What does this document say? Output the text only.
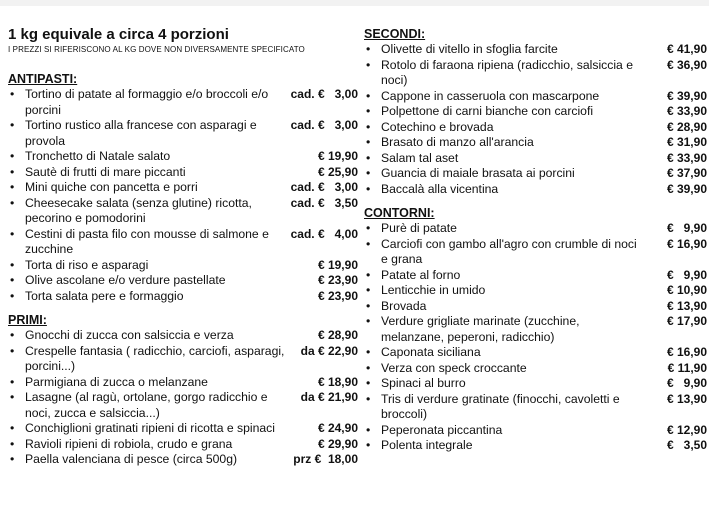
1 kg equivale a circa 4 porzioni
I PREZZI SI RIFERISCONO AL KG DOVE NON DIVERSAMENTE SPECIFICATO
ANTIPASTI:
• Tortino di patate al formaggio e/o broccoli e/o porcini
cad. €   3,00
• Tortino rustico alla francese con asparagi e provola
cad. €   3,00
• Tronchetto di Natale salato	€ 19,90
• Sautè di frutti di mare piccanti	€ 25,90
• Mini quiche con pancetta e porri	cad. €   3,00
• Cheesecake salata (senza glutine) ricotta, pecorino e pomodorini
cad. €   3,50
• Cestini di pasta filo con mousse di salmone e zucchine
cad. €   4,00
• Torta di riso e asparagi	€ 19,90
• Olive ascolane e/o verdure pastellate	€ 23,90
• Torta salata pere e formaggio	€ 23,90
PRIMI:
• Gnocchi di zucca con salsiccia e verza	€ 28,90
• Crespelle fantasia ( radicchio, carciofi, asparagi, porcini...)
da € 22,90
• Parmigiana di zucca o melanzane	€ 18,90
• Lasagne (al ragù, ortolane, gorgo radicchio e noci, zucca e salsiccia...)
da € 21,90
• Conchiglioni gratinati ripieni di ricotta e spinaci	€ 24,90
• Ravioli ripieni di robiola, crudo e grana	€ 29,90
• Paella valenciana di pesce (circa 500g)	prz €  18,00
SECONDI:
• Olivette di vitello in sfoglia farcite	€ 41,90
• Rotolo di faraona ripiena (radicchio, salsiccia e noci)
€ 36,90
• Cappone in casseruola con mascarpone	€ 39,90
• Polpettone di carni bianche con carciofi	€ 33,90
• Cotechino e brovada	€ 28,90
• Brasato di manzo all'arancia	€ 31,90
• Salam tal aset	€ 33,90
• Guancia di maiale brasata ai porcini	€ 37,90
• Baccalà alla vicentina	€ 39,90
CONTORNI:
• Purè di patate	€   9,90
• Carciofi con gambo all'agro con crumble di noci e grana
€ 16,90
• Patate al forno	€   9,90
• Lenticchie in umido	€ 10,90
• Brovada	€ 13,90
• Verdure grigliate marinate (zucchine, melanzane, peperoni, radicchio)
€ 17,90
• Caponata siciliana	€ 16,90
• Verza con speck croccante	€ 11,90
• Spinaci al burro	€   9,90
• Tris di verdure gratinate (finocchi, cavoletti e broccoli)
€ 13,90
• Peperonata piccantina	€ 12,90
• Polenta integrale	€   3,50
